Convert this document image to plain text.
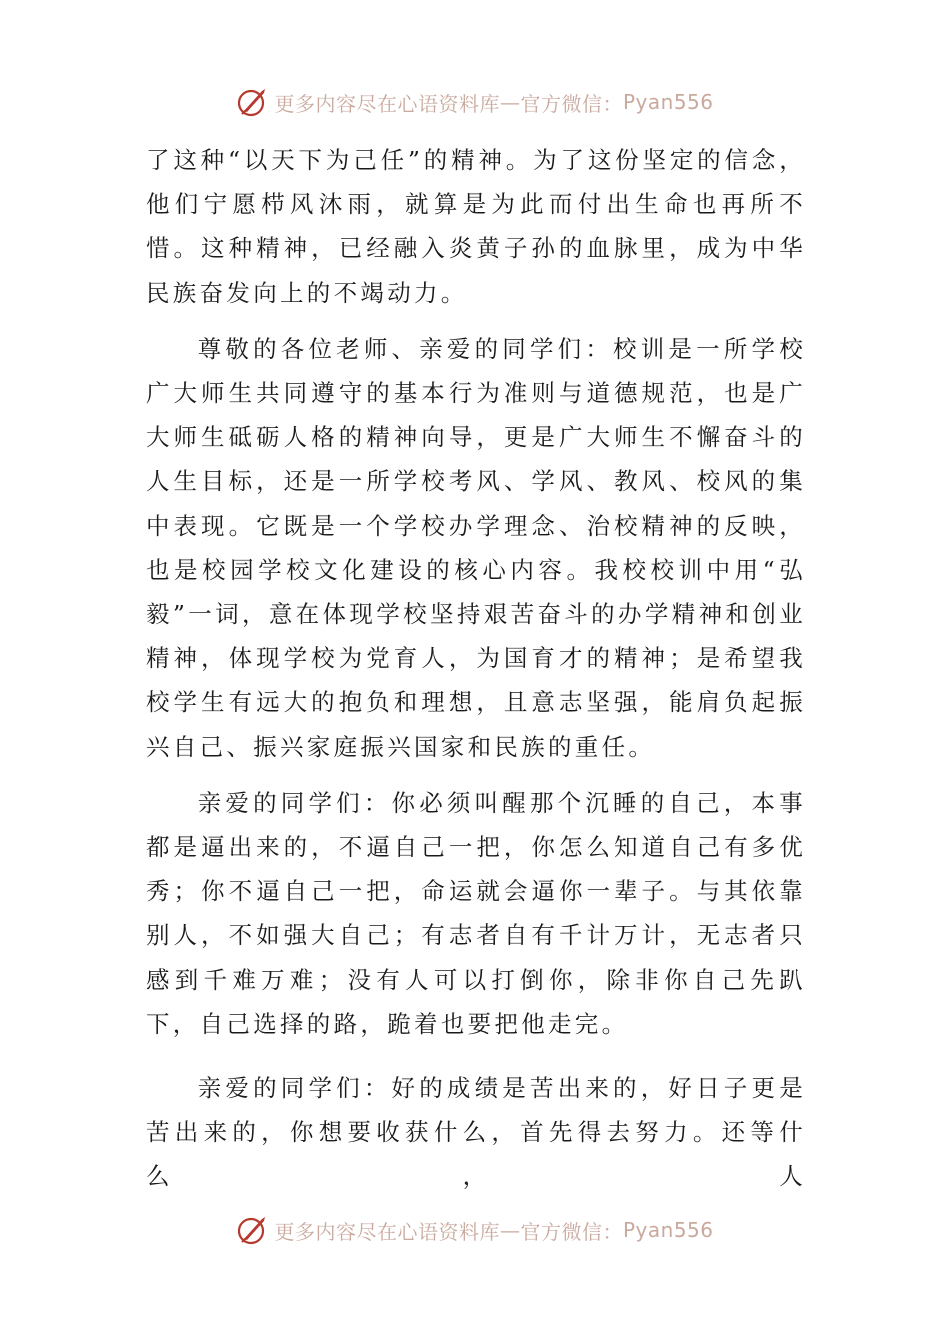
更多内容尽在心语资料库 — 官方微信： Pyan556

了这种“以天下为己任”的精神。为了这份坚定的信念，他们宁愿栉风沐雨，就算是为此而付出生命也再所不惜。这种精神，已经融入炎黄子孙的血脉里，成为中华民族奋发向上的不竭动力。

尊敬的各位老师、亲爱的同学们：校训是一所学校广大师生共同遵守的基本行为准则与道德规范，也是广大师生砥砺人格的精神向导，更是广大师生不懈奋斗的人生目标，还是一所学校考风、学风、教风、校风的集中表现。它既是一个学校办学理念、治校精神的反映，也是校园学校文化建设的核心内容。我校校训中用“弘毅”一词，意在体现学校坚持艰苦奋斗的办学精神和创业精神，体现学校为党育人，为国育才的精神；是希望我校学生有远大的抱负和理想，且意志坚强，能肩负起振兴自己、振兴家庭振兴国家和民族的重任。

亲爱的同学们：你必须叫醒那个沉睡的自己，本事都是逼出来的，不逼自己一把，你怎么知道自己有多优秀；你不逼自己一把，命运就会逼你一辈子。与其依靠别人，不如强大自己；有志者自有千计万计，无志者只感到千难万难；没有人可以打倒你，除非你自己先趴下，自己选择的路，跪着也要把他走完。

亲爱的同学们：好的成绩是苦出来的，好日子更是苦出来的，你想要收获什么，首先得去努力。还等什么，人

更多内容尽在心语资料库 — 官方微信： Pyan556
